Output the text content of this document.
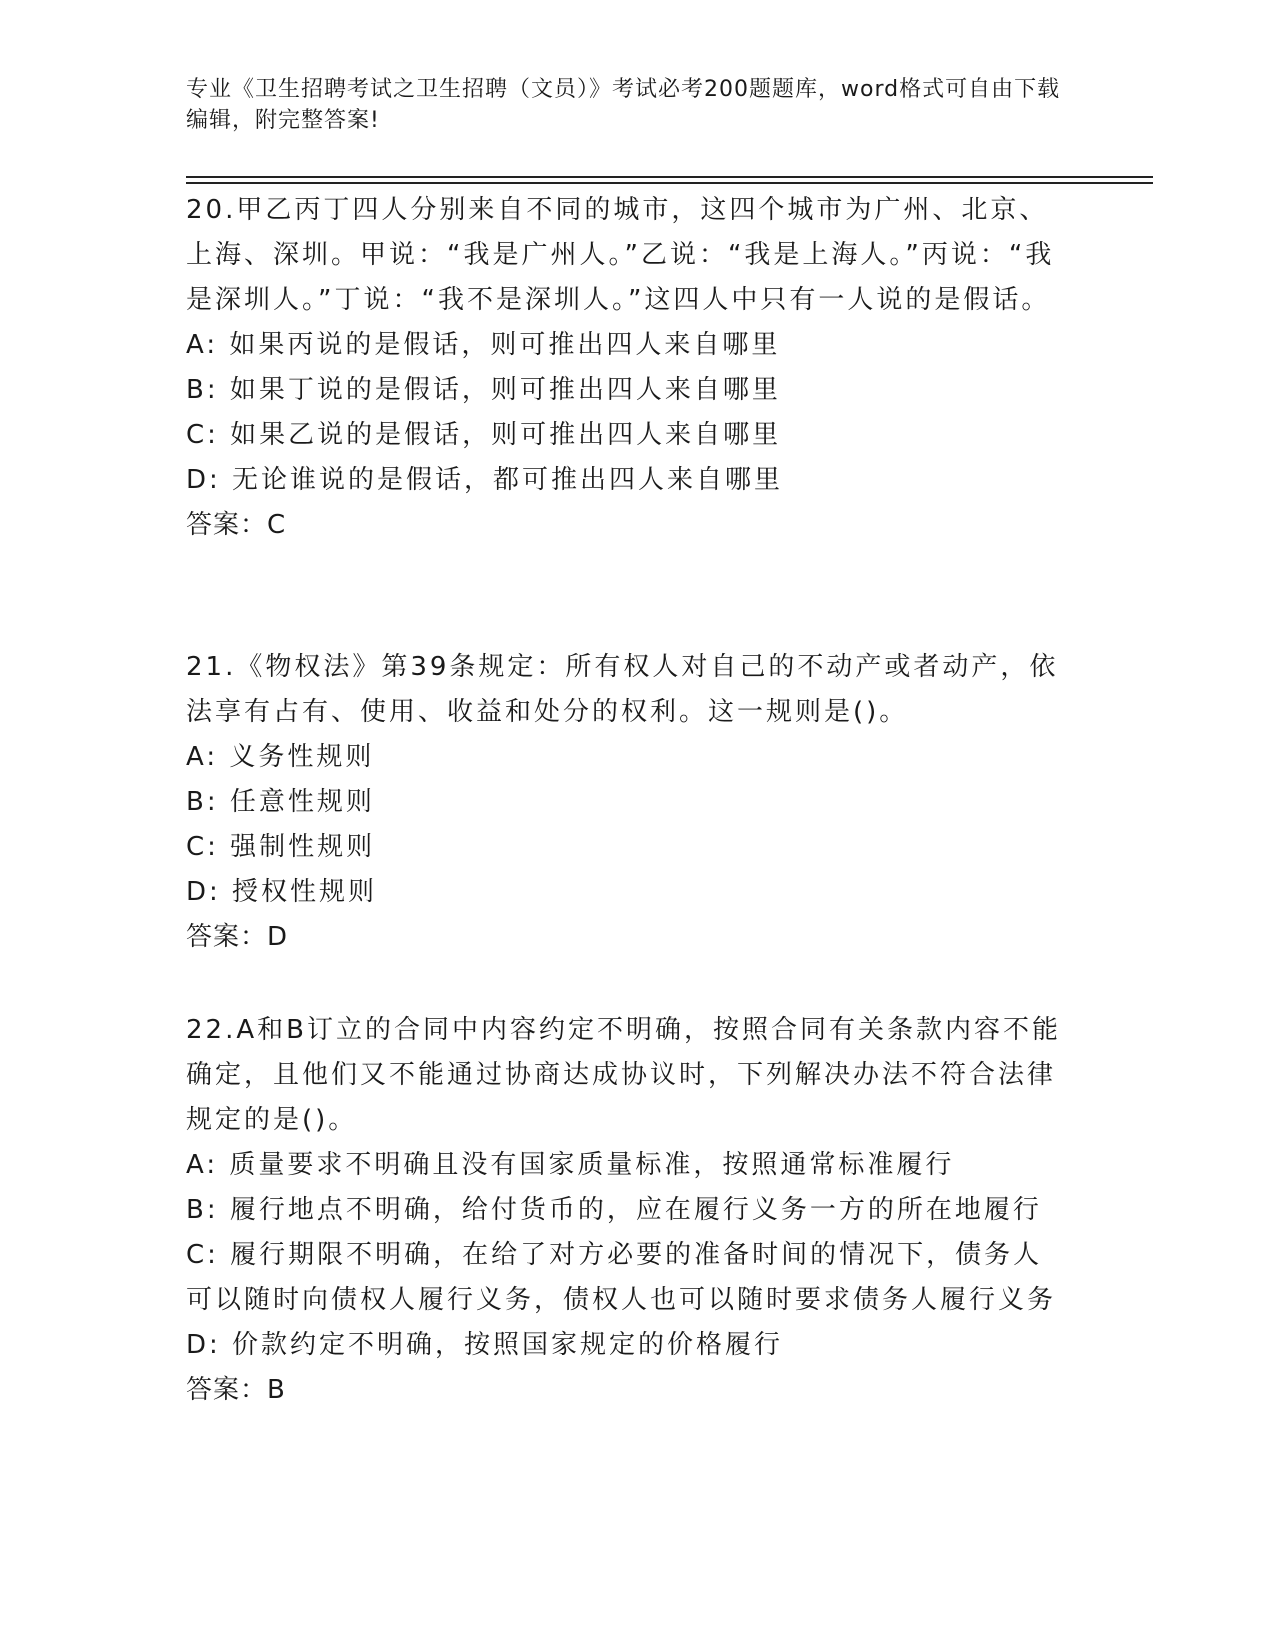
专业《卫生招聘考试之卫生招聘（文员）》考试必考200题题库，word格式可自由下载编辑，附完整答案!

20.甲乙丙丁四人分别来自不同的城市，这四个城市为广州、北京、上海、深圳。甲说：“我是广州人。”乙说：“我是上海人。”丙说：“我是深圳人。”丁说：“我不是深圳人。”这四人中只有一人说的是假话。

A: 如果丙说的是假话，则可推出四人来自哪里

B: 如果丁说的是假话，则可推出四人来自哪里

C: 如果乙说的是假话，则可推出四人来自哪里

D: 无论谁说的是假话，都可推出四人来自哪里

答案：C

21.《物权法》第39条规定：所有权人对自己的不动产或者动产，依法享有占有、使用、收益和处分的权利。这一规则是()。

A: 义务性规则

B: 任意性规则

C: 强制性规则

D: 授权性规则

答案：D

22.A和B订立的合同中内容约定不明确，按照合同有关条款内容不能确定，且他们又不能通过协商达成协议时，下列解决办法不符合法律规定的是()。

A: 质量要求不明确且没有国家质量标准，按照通常标准履行

B: 履行地点不明确，给付货币的，应在履行义务一方的所在地履行

C: 履行期限不明确，在给了对方必要的准备时间的情况下，债务人可以随时向债权人履行义务，债权人也可以随时要求债务人履行义务

D: 价款约定不明确，按照国家规定的价格履行

答案：B
